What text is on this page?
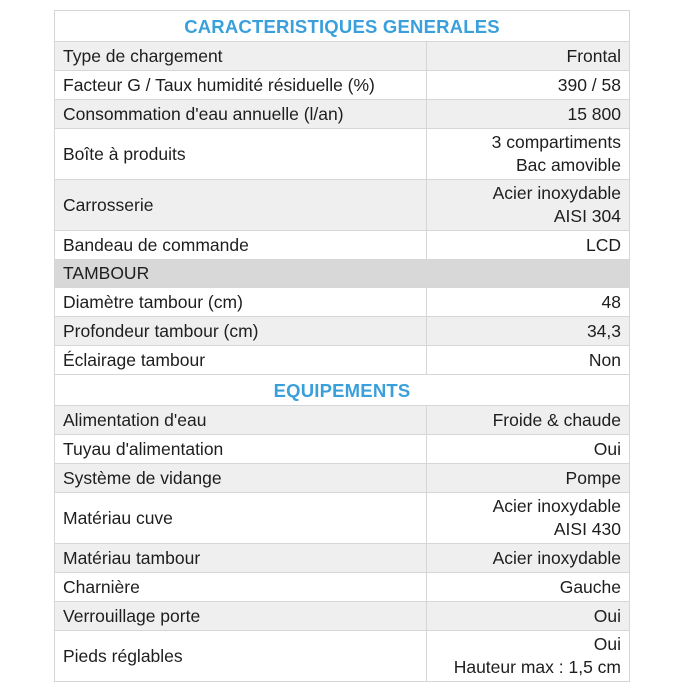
CARACTERISTIQUES GENERALES	
Type de chargement	Frontal

Facteur G / Taux humidité résiduelle (%)	390 / 58

Consommation d'eau annuelle (l/an)	15 800

Boîte à produits	3 compartiments
Bac amovible

Carrosserie	Acier inoxydable
AISI 304

Bandeau de commande	LCD

TAMBOUR	
Diamètre tambour (cm)	48

Profondeur tambour (cm)	34,3

Éclairage tambour	Non

EQUIPEMENTS	
Alimentation d'eau	Froide & chaude

Tuyau d'alimentation	Oui

Système de vidange	Pompe

Matériau cuve	Acier inoxydable
AISI 430

Matériau tambour	Acier inoxydable

Charnière	Gauche

Verrouillage porte	Oui

Pieds réglables	Oui
Hauteur max : 1,5 cm
